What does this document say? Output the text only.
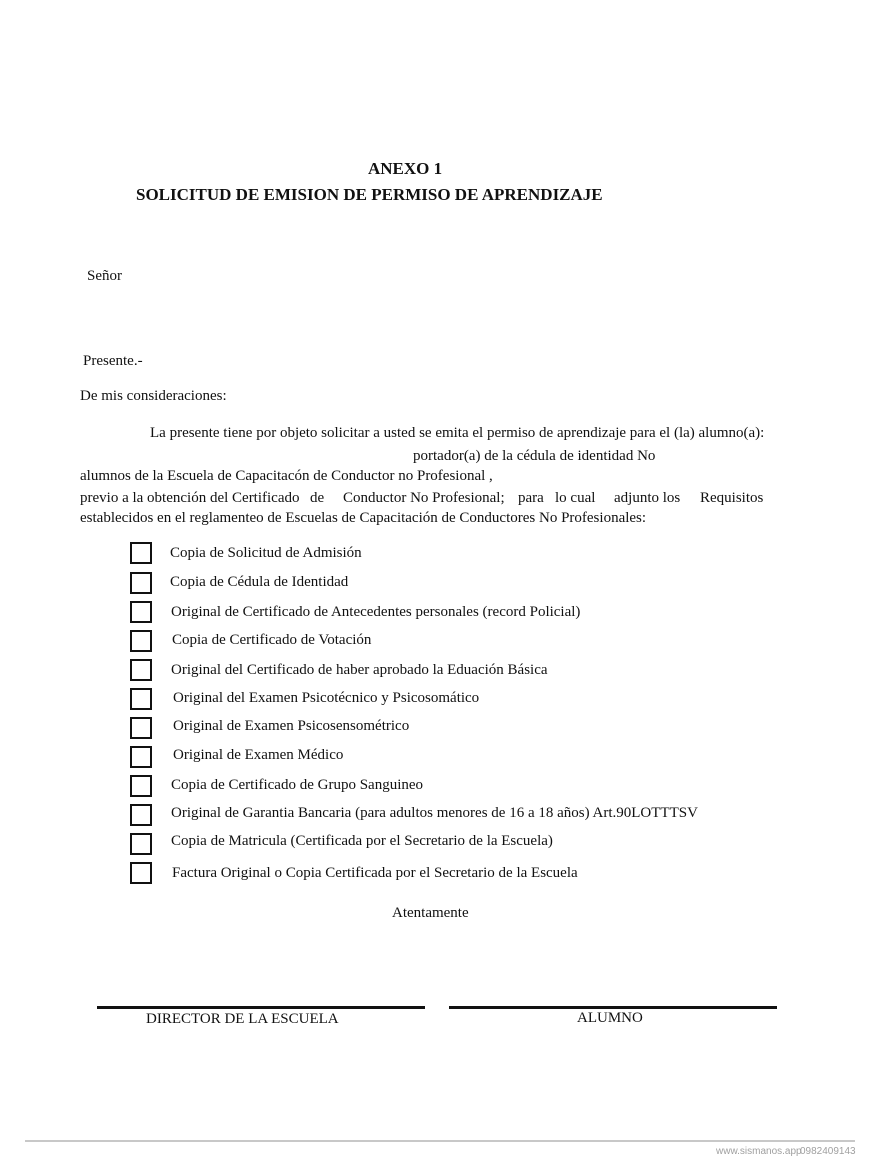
ANEXO 1
SOLICITUD DE EMISION DE PERMISO DE APRENDIZAJE
Señor
Presente.-
De mis consideraciones:
La presente tiene por objeto solicitar a usted se emita el permiso de aprendizaje para el (la) alumno(a):
portador(a) de la cédula de identidad No
alumnos de la Escuela de Capacitacón de Conductor no Profesional ,
previo a la obtención del Certificado de Conductor No Profesional; para lo cual adjunto los Requisitos
establecidos en el reglamenteo de Escuelas de Capacitación de Conductores No Profesionales:
Copia de Solicitud de Admisión
Copia de Cédula de Identidad
Original de Certificado de Antecedentes personales (record Policial)
Copia de Certificado de Votación
Original del Certificado de haber aprobado la Eduación Básica
Original del Examen Psicotécnico y Psicosomático
Original de Examen Psicosensométrico
Original de Examen Médico
Copia de Certificado de Grupo Sanguineo
Original de Garantia Bancaria (para adultos menores de 16 a 18 años) Art.90LOTTTSV
Copia de Matricula (Certificada por el Secretario de la Escuela)
Factura Original o Copia Certificada por el Secretario de la Escuela
Atentamente
DIRECTOR DE LA ESCUELA	ALUMNO
www.sismanos.app
0982409143
